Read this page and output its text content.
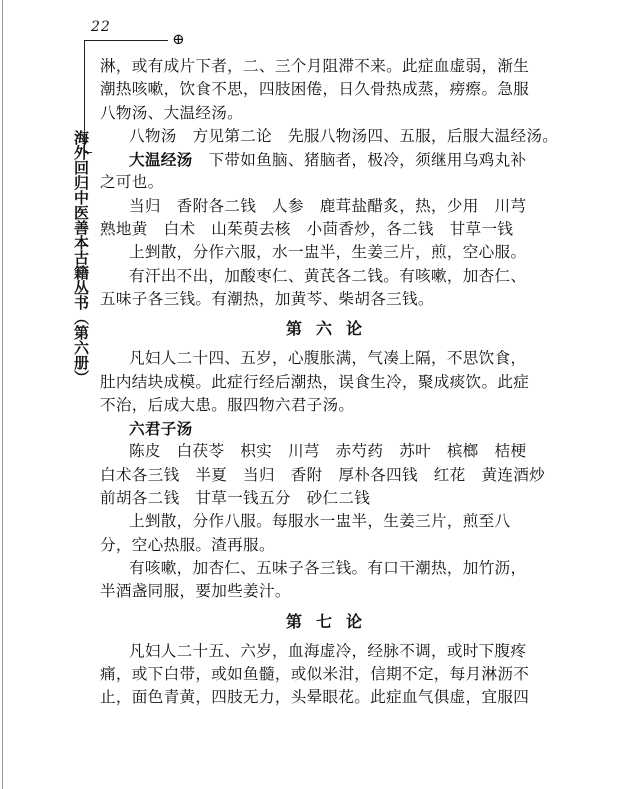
22
⊕
海外回归中医善本古籍丛书（第六册）
淋，或有成片下者，二、三个月阻滞不来。此症血虚弱，渐生
潮热咳嗽，饮食不思，四肢困倦，日久骨热成蒸，痨瘵。急服
八物汤、大温经汤。
八物汤　方见第二论　先服八物汤四、五服，后服大温经汤。
大温经汤　下带如鱼脑、猪脑者，极冷，须继用乌鸡丸补
之可也。
当归　香附各二钱　人参　鹿茸盐醋炙，热，少用　川芎
熟地黄　白术　山茱萸去核　小茴香炒，各二钱　甘草一钱
上剉散，分作六服，水一盅半，生姜三片，煎，空心服。
有汗出不出，加酸枣仁、黄芪各二钱。有咳嗽，加杏仁、
五味子各三钱。有潮热，加黄芩、柴胡各三钱。
第六论
凡妇人二十四、五岁，心腹胀满，气凑上隔，不思饮食，
肚内结块成模。此症行经后潮热，误食生冷，聚成痰饮。此症
不治，后成大患。服四物六君子汤。
六君子汤
陈皮　白茯苓　枳实　川芎　赤芍药　苏叶　槟榔　桔梗
白术各三钱　半夏　当归　香附　厚朴各四钱　红花　黄连酒炒
前胡各二钱　甘草一钱五分　砂仁二钱
上剉散，分作八服。每服水一盅半，生姜三片，煎至八
分，空心热服。渣再服。
有咳嗽，加杏仁、五味子各三钱。有口干潮热，加竹沥，
半酒盏同服，要加些姜汁。
第七论
凡妇人二十五、六岁，血海虚冷，经脉不调，或时下腹疼
痛，或下白带，或如鱼髓，或似米泔，信期不定，每月淋沥不
止，面色青黄，四肢无力，头晕眼花。此症血气俱虚，宜服四
